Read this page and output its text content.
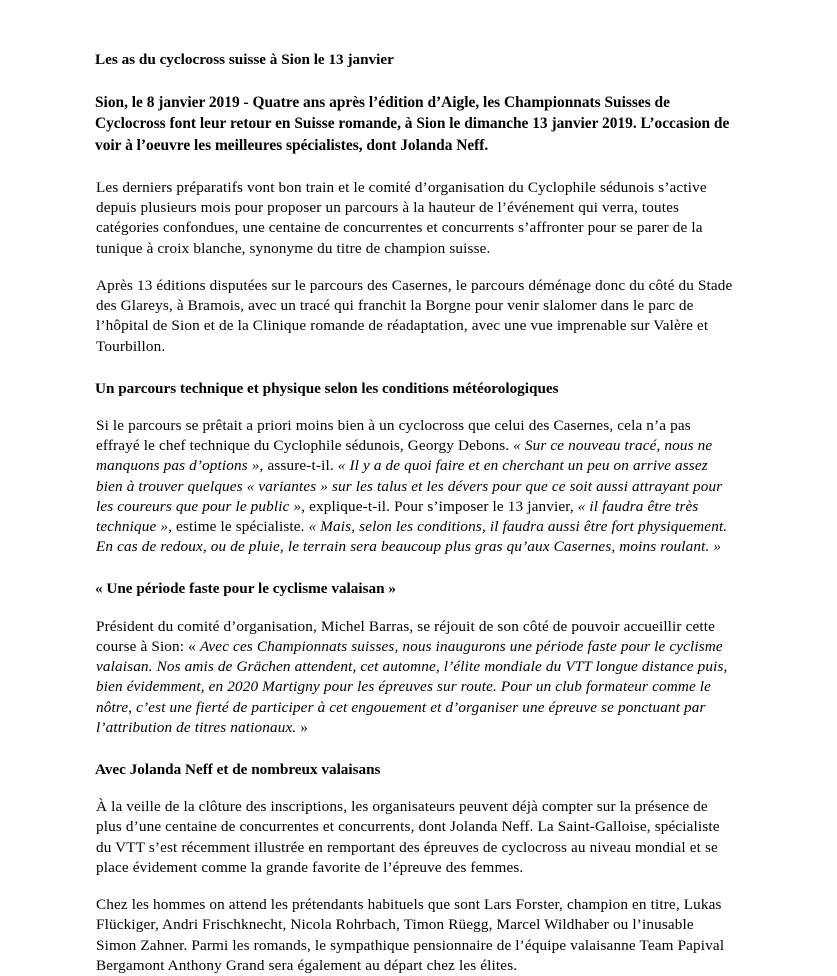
Les as du cyclocross suisse à Sion le 13 janvier
Sion, le 8 janvier 2019 - Quatre ans après l’édition d’Aigle, les Championnats Suisses de Cyclocross font leur retour en Suisse romande, à Sion le dimanche 13 janvier 2019. L’occasion de voir à l’oeuvre les meilleures spécialistes, dont Jolanda Neff.
Les derniers préparatifs vont bon train et le comité d’organisation du Cyclophile sédunois s’active depuis plusieurs mois pour proposer un parcours à la hauteur de l’événement qui verra, toutes catégories confondues, une centaine de concurrentes et concurrents s’affronter pour se parer de la tunique à croix blanche, synonyme du titre de champion suisse.
Après 13 éditions disputées sur le parcours des Casernes, le parcours déménage donc du côté du Stade des Glareys, à Bramois, avec un tracé qui franchit la Borgne pour venir slalomer dans le parc de l’hôpital de Sion et de la Clinique romande de réadaptation, avec une vue imprenable sur Valère et Tourbillon.
Un parcours technique et physique selon les conditions météorologiques
Si le parcours se prêtait a priori moins bien à un cyclocross que celui des Casernes, cela n’a pas effrayé le chef technique du Cyclophile sédunois, Georgy Debons. « Sur ce nouveau tracé, nous ne manquons pas d’options », assure-t-il. « Il y a de quoi faire et en cherchant un peu on arrive assez bien à trouver quelques « variantes » sur les talus et les dévers pour que ce soit aussi attrayant pour les coureurs que pour le public », explique-t-il. Pour s’imposer le 13 janvier, « il faudra être très technique », estime le spécialiste. « Mais, selon les conditions, il faudra aussi être fort physiquement. En cas de redoux, ou de pluie, le terrain sera beaucoup plus gras qu’aux Casernes, moins roulant. »
« Une période faste pour le cyclisme valaisan »
Président du comité d’organisation, Michel Barras, se réjouit de son côté de pouvoir accueillir cette course à Sion: « Avec ces Championnats suisses, nous inaugurons une période faste pour le cyclisme valaisan. Nos amis de Grächen attendent, cet automne, l’élite mondiale du VTT longue distance puis, bien évidemment, en 2020 Martigny pour les épreuves sur route. Pour un club formateur comme le nôtre, c’est une fierté de participer à cet engouement et d’organiser une épreuve se ponctuant par l’attribution de titres nationaux. »
Avec Jolanda Neff et de nombreux valaisans
À la veille de la clôture des inscriptions, les organisateurs peuvent déjà compter sur la présence de plus d’une centaine de concurrentes et concurrents, dont Jolanda Neff. La Saint-Galloise, spécialiste du VTT s’est récemment illustrée en remportant des épreuves de cyclocross au niveau mondial et se place évidement comme la grande favorite de l’épreuve des femmes.
Chez les hommes on attend les prétendants habituels que sont Lars Forster, champion en titre, Lukas Flückiger, Andri Frischknecht, Nicola Rohrbach, Timon Rüegg, Marcel Wildhaber ou l’inusable Simon Zahner. Parmi les romands, le sympathique pensionnaire de l’équipe valaisanne Team Papival Bergamont Anthony Grand sera également au départ chez les élites.
